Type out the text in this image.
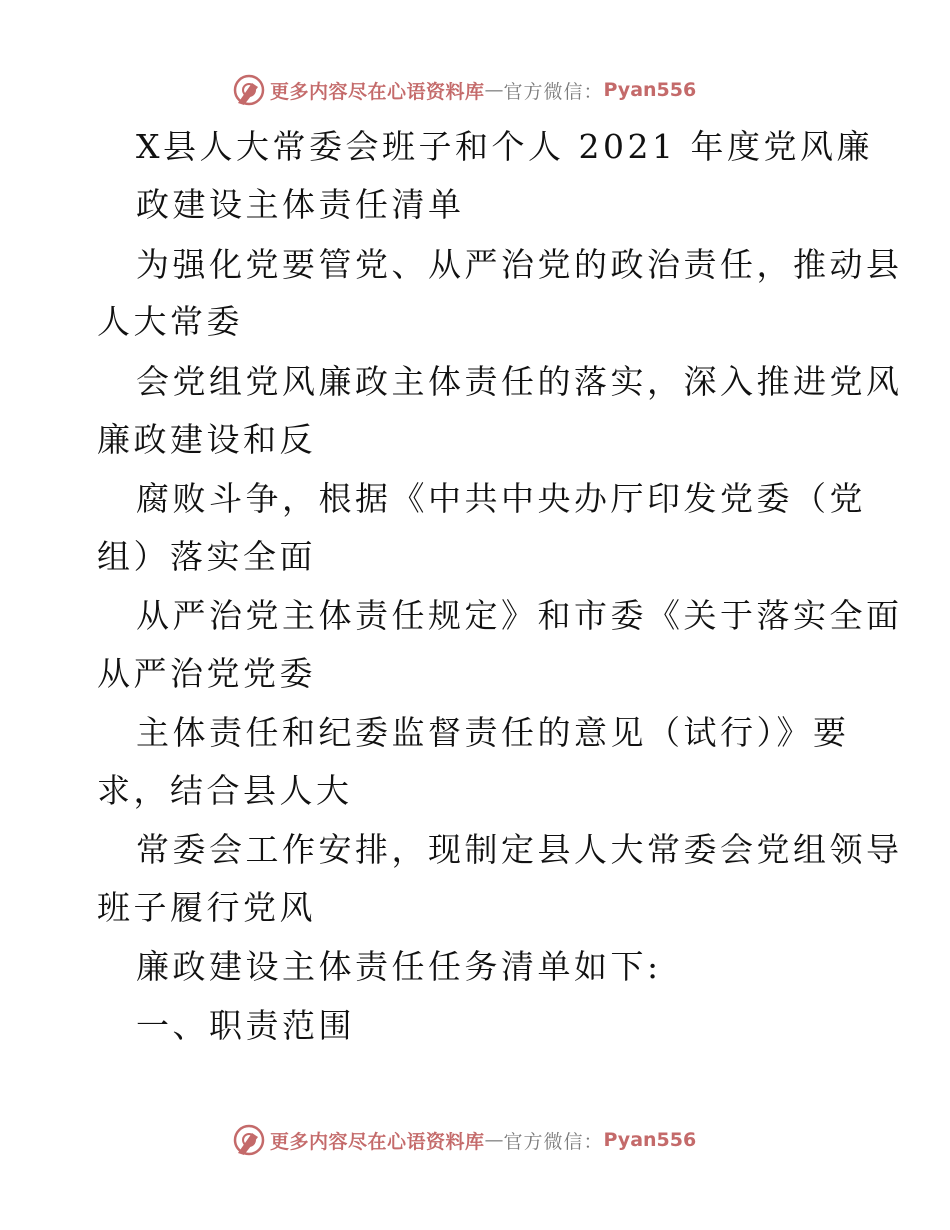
更多内容尽在心语资料库 — 官方微信： Pyan556
X县人大常委会班子和个人 2021 年度党风廉
政建设主体责任清单
为强化党要管党、从严治党的政治责任，推动县
人大常委
会党组党风廉政主体责任的落实，深入推进党风
廉政建设和反
腐败斗争，根据《中共中央办厅印发党委（党
组）落实全面
从严治党主体责任规定》和市委《关于落实全面
从严治党党委
主体责任和纪委监督责任的意见（试行）》要
求，结合县人大
常委会工作安排，现制定县人大常委会党组领导
班子履行党风
廉政建设主体责任任务清单如下:
一、职责范围
更多内容尽在心语资料库 — 官方微信： Pyan556
